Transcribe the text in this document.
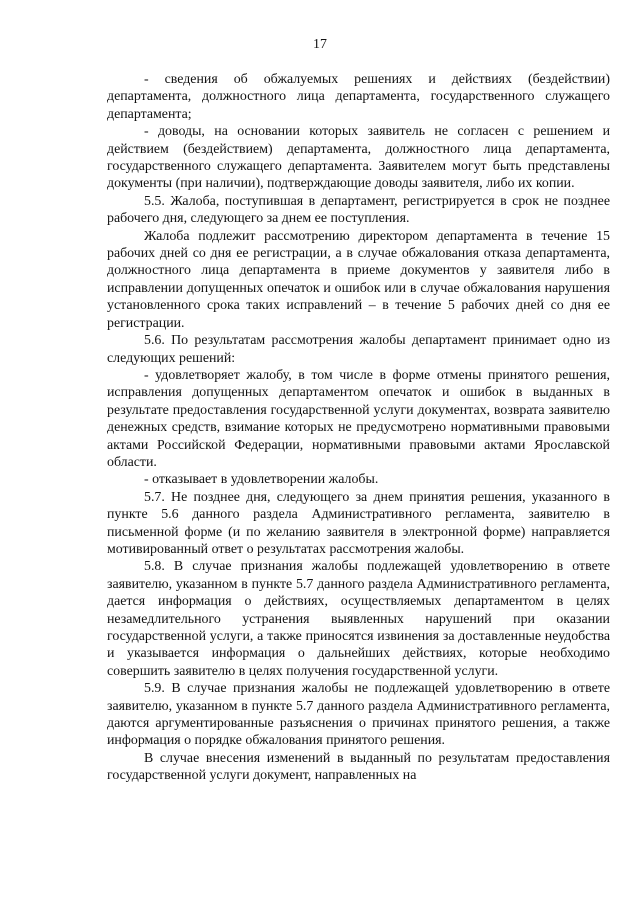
17

- сведения об обжалуемых решениях и действиях (бездействии) департамента, должностного лица департамента, государственного служащего департамента;

- доводы, на основании которых заявитель не согласен с решением и действием (бездействием) департамента, должностного лица департамента, государственного служащего департамента. Заявителем могут быть представлены документы (при наличии), подтверждающие доводы заявителя, либо их копии.

5.5. Жалоба, поступившая в департамент, регистрируется в срок не позднее рабочего дня, следующего за днем ее поступления.

Жалоба подлежит рассмотрению директором департамента в течение 15 рабочих дней со дня ее регистрации, а в случае обжалования отказа департамента, должностного лица департамента в приеме документов у заявителя либо в исправлении допущенных опечаток и ошибок или в случае обжалования нарушения установленного срока таких исправлений – в течение 5 рабочих дней со дня ее регистрации.

5.6. По результатам рассмотрения жалобы департамент принимает одно из следующих решений:

- удовлетворяет жалобу, в том числе в форме отмены принятого решения, исправления допущенных департаментом опечаток и ошибок в выданных в результате предоставления государственной услуги документах, возврата заявителю денежных средств, взимание которых не предусмотрено нормативными правовыми актами Российской Федерации, нормативными правовыми актами Ярославской области.

- отказывает в удовлетворении жалобы.

5.7. Не позднее дня, следующего за днем принятия решения, указанного в пункте 5.6 данного раздела Административного регламента, заявителю в письменной форме (и по желанию заявителя в электронной форме) направляется мотивированный ответ о результатах рассмотрения жалобы.

5.8. В случае признания жалобы подлежащей удовлетворению в ответе заявителю, указанном в пункте 5.7 данного раздела Административного регламента, дается информация о действиях, осуществляемых департаментом в целях незамедлительного устранения выявленных нарушений при оказании государственной услуги, а также приносятся извинения за доставленные неудобства и указывается информация о дальнейших действиях, которые необходимо совершить заявителю в целях получения государственной услуги.

5.9. В случае признания жалобы не подлежащей удовлетворению в ответе заявителю, указанном в пункте 5.7 данного раздела Административного регламента, даются аргументированные разъяснения о причинах принятого решения, а также информация о порядке обжалования принятого решения.

В случае внесения изменений в выданный по результатам предоставления государственной услуги документ, направленных на
